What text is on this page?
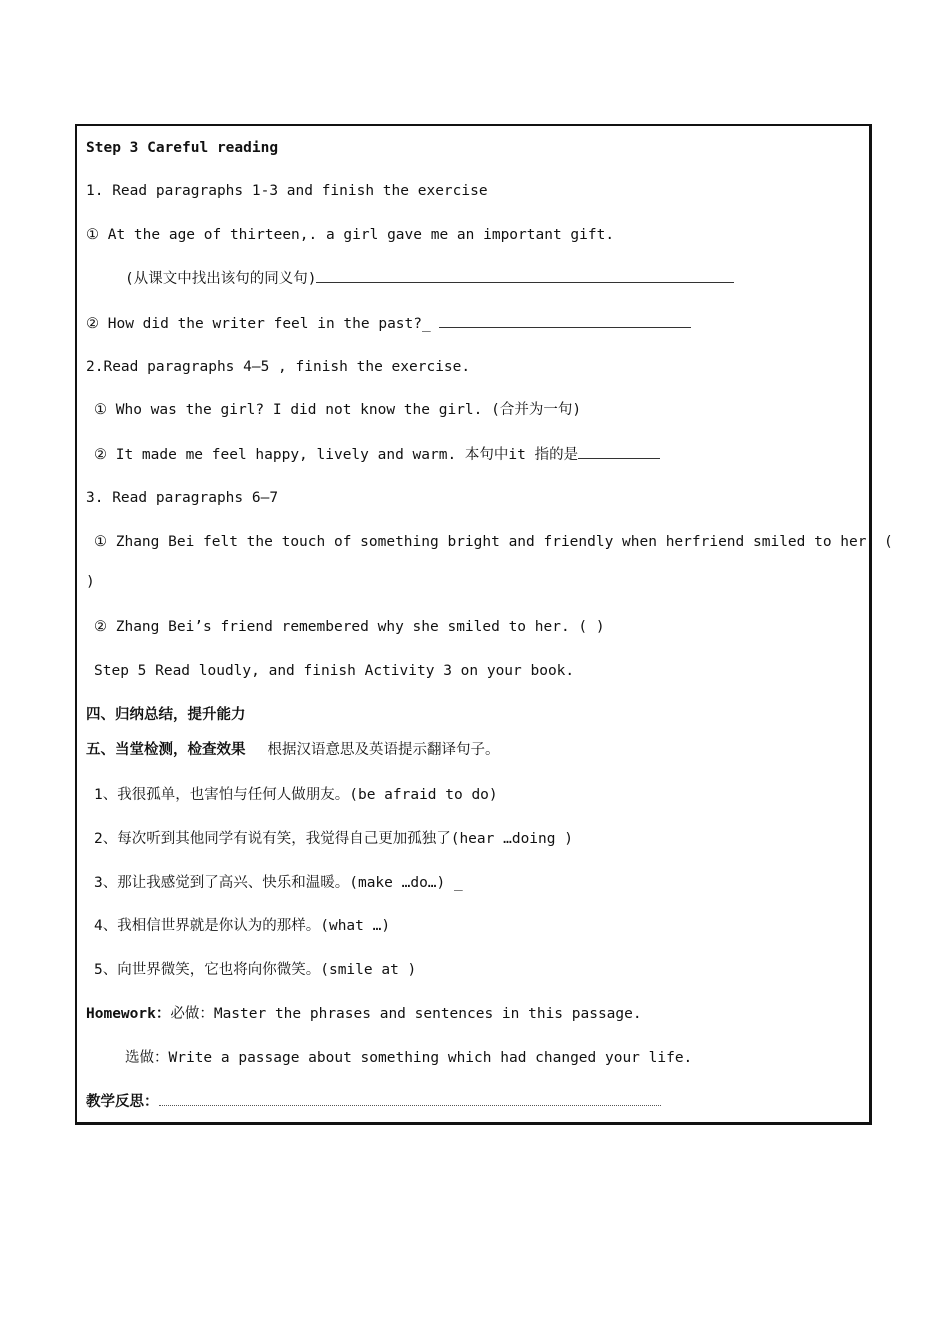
Step 3 Careful reading
1. Read paragraphs 1-3 and finish the exercise
① At the age of thirteen,. a girl gave me an important gift.
(从课文中找出该句的同义句)
② How did the writer feel in the past?_
2.Read paragraphs 4—5 , finish the exercise.
① Who was the girl? I did not know the girl. (合并为一句)
② It made me feel happy, lively and warm. 本句中it 指的是
3. Read paragraphs 6—7
① Zhang Bei felt the touch of something bright and friendly when herfriend smiled to her. (
)
② Zhang Bei’s friend remembered why she smiled to her. ( )
Step 5 Read loudly, and finish Activity 3 on your book.
四、归纳总结，提升能力
五、当堂检测，检查效果 根据汉语意思及英语提示翻译句子。
1、我很孤单，也害怕与任何人做朋友。(be afraid to do)
2、每次听到其他同学有说有笑，我觉得自己更加孤独了(hear …doing )
3、那让我感觉到了高兴、快乐和温暖。(make …do…) _
4、我相信世界就是你认为的那样。(what …)
5、向世界微笑，它也将向你微笑。(smile at )
Homework：必做：Master the phrases and sentences in this passage.
选做：Write a passage about something which had changed your life.
教学反思：
